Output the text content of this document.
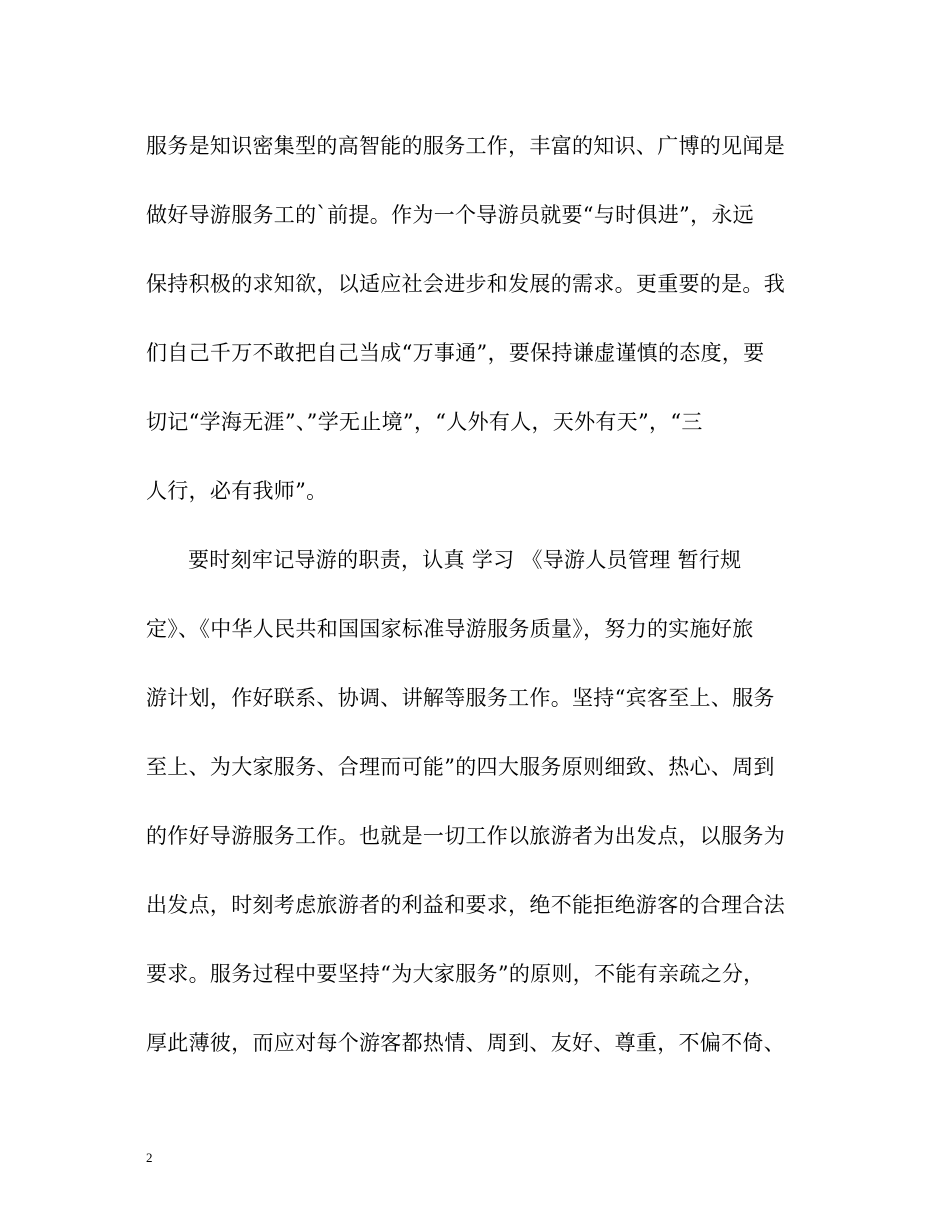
服务是知识密集型的高智能的服务工作，丰富的知识、广博的见闻是
做好导游服务工的`前提。作为一个导游员就要“与时俱进”，永远
保持积极的求知欲，以适应社会进步和发展的需求。更重要的是。我
们自己千万不敢把自己当成“万事通”，要保持谦虚谨慎的态度，要
切记“学海无涯”、”学无止境”，“人外有人，天外有天”，“三
人行，必有我师”。
要时刻牢记导游的职责，认真 学习 《导游人员管理 暂行规
定》、《中华人民共和国国家标准导游服务质量》，努力的实施好旅
游计划，作好联系、协调、讲解等服务工作。坚持“宾客至上、服务
至上、为大家服务、合理而可能”的四大服务原则细致、热心、周到
的作好导游服务工作。也就是一切工作以旅游者为出发点，以服务为
出发点，时刻考虑旅游者的利益和要求，绝不能拒绝游客的合理合法
要求。服务过程中要坚持“为大家服务”的原则，不能有亲疏之分，
厚此薄彼，而应对每个游客都热情、周到、友好、尊重，不偏不倚、
2
